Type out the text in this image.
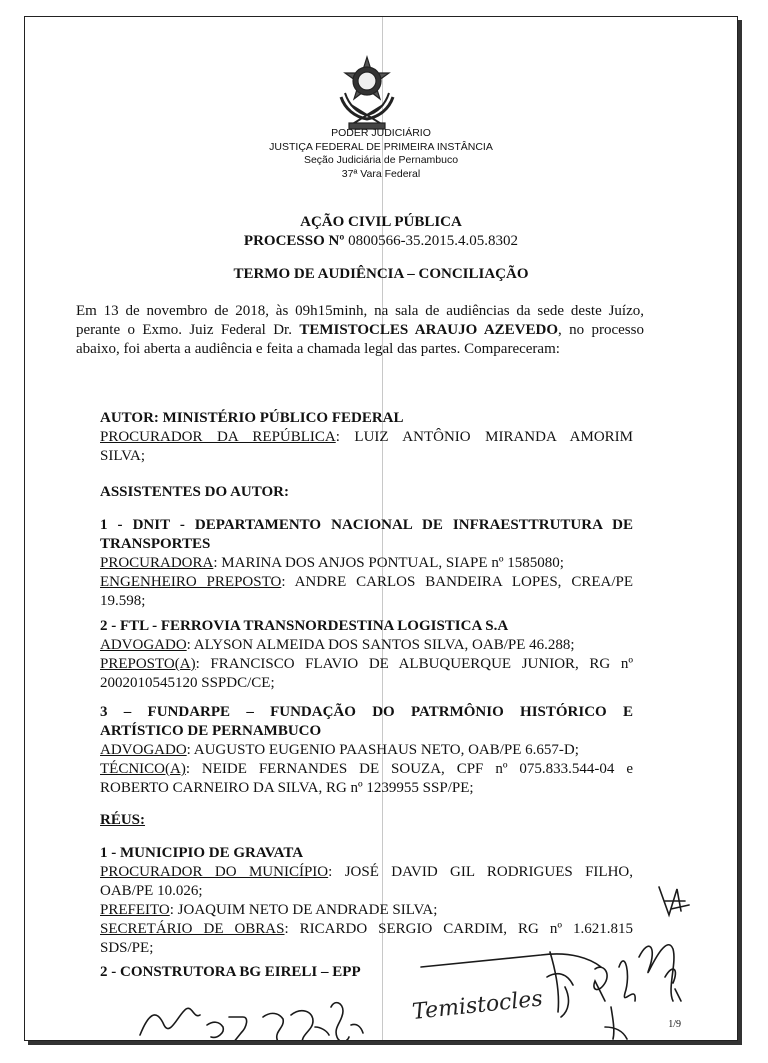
PODER JUDICIÁRIO
JUSTIÇA FEDERAL DE PRIMEIRA INSTÂNCIA
Seção Judiciária de Pernambuco
37ª Vara Federal
AÇÃO CIVIL PÚBLICA
PROCESSO Nº 0800566-35.2015.4.05.8302
TERMO DE AUDIÊNCIA – CONCILIAÇÃO
Em 13 de novembro de 2018, às 09h15minh, na sala de audiências da sede deste Juízo, perante o Exmo. Juiz Federal Dr. TEMISTOCLES ARAUJO AZEVEDO, no processo abaixo, foi aberta a audiência e feita a chamada legal das partes. Compareceram:
AUTOR: MINISTÉRIO PÚBLICO FEDERAL
PROCURADOR DA REPÚBLICA: LUIZ ANTÔNIO MIRANDA AMORIM
SILVA;
ASSISTENTES DO AUTOR:
1 - DNIT - DEPARTAMENTO NACIONAL DE INFRAESTTRUTURA DE
TRANSPORTES
PROCURADORA: MARINA DOS ANJOS PONTUAL, SIAPE nº 1585080;
ENGENHEIRO PREPOSTO: ANDRE CARLOS BANDEIRA LOPES, CREA/PE
19.598;
2 - FTL - FERROVIA TRANSNORDESTINA LOGISTICA S.A
ADVOGADO: ALYSON ALMEIDA DOS SANTOS SILVA, OAB/PE 46.288;
PREPOSTO(A): FRANCISCO FLAVIO DE ALBUQUERQUE JUNIOR, RG nº
2002010545120 SSPDC/CE;
3 – FUNDARPE – FUNDAÇÃO DO PATRMÔNIO HISTÓRICO E
ARTÍSTICO DE PERNAMBUCO
ADVOGADO: AUGUSTO EUGENIO PAASHAUS NETO, OAB/PE 6.657-D;
TÉCNICO(A): NEIDE FERNANDES DE SOUZA, CPF nº 075.833.544-04 e
ROBERTO CARNEIRO DA SILVA, RG nº 1239955 SSP/PE;
RÉUS:
1 - MUNICIPIO DE GRAVATA
PROCURADOR DO MUNICÍPIO: JOSÉ DAVID GIL RODRIGUES FILHO,
OAB/PE 10.026;
PREFEITO: JOAQUIM NETO DE ANDRADE SILVA;
SECRETÁRIO DE OBRAS: RICARDO SERGIO CARDIM, RG nº 1.621.815
SDS/PE;
2 - CONSTRUTORA BG EIRELI – EPP
Temistocles	1/9
